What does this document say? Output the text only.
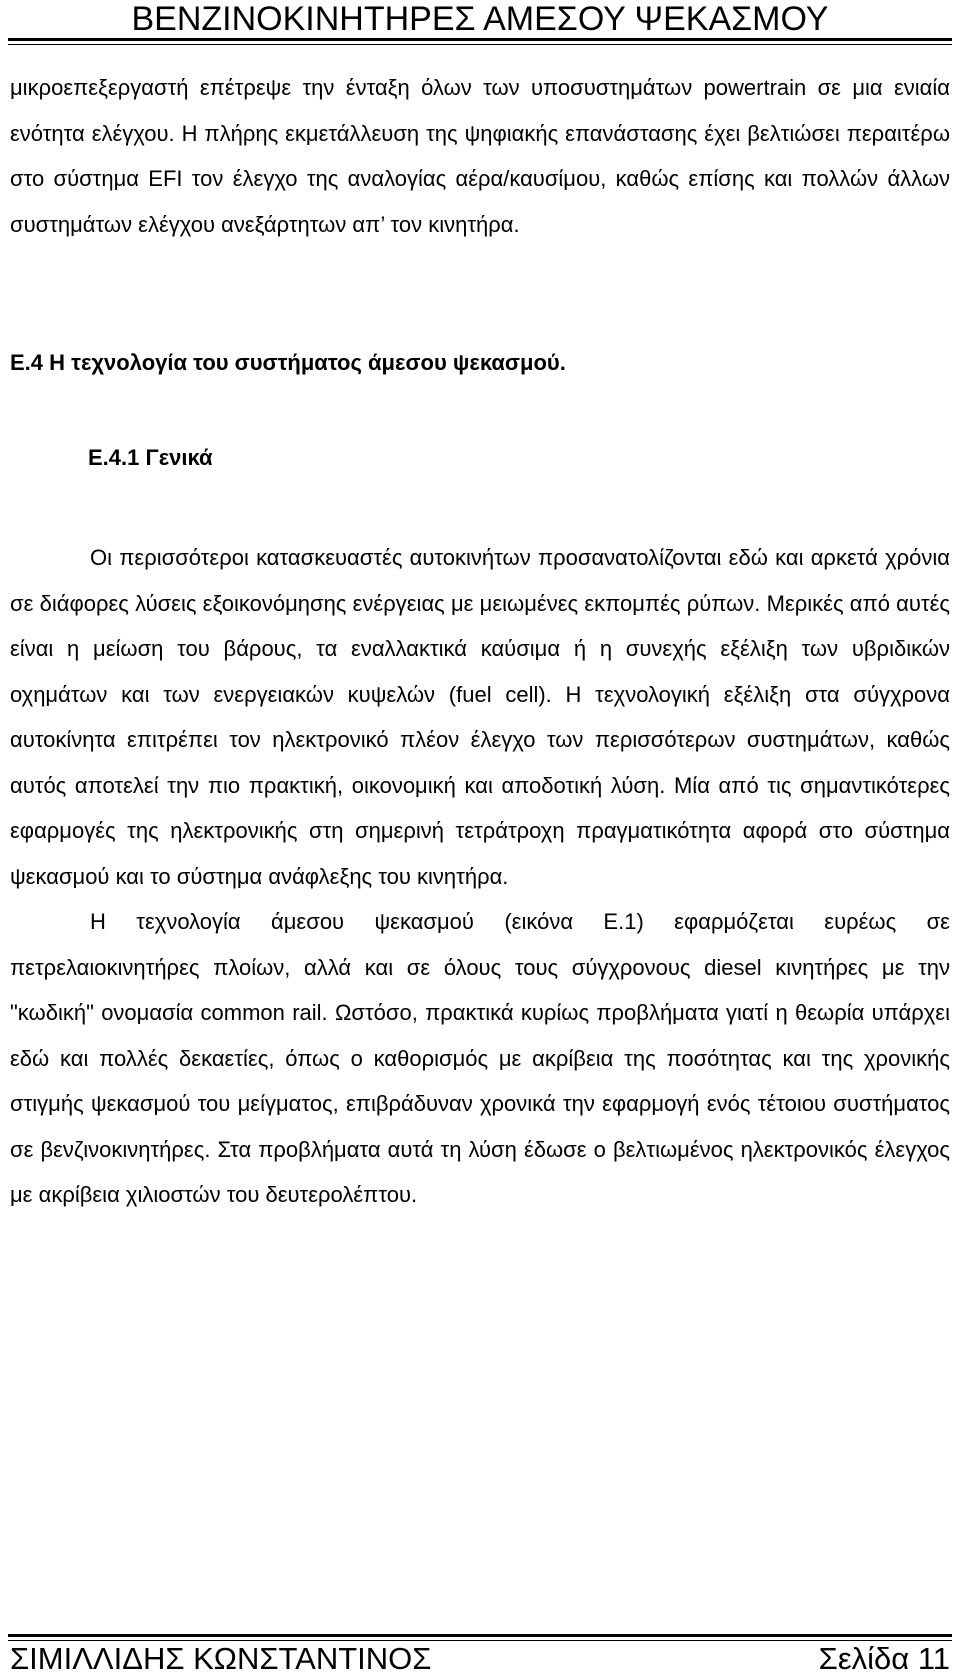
ΒΕΝΖΙΝΟΚΙΝΗΤΗΡΕΣ ΑΜΕΣΟΥ ΨΕΚΑΣΜΟΥ

μικροεπεξεργαστή επέτρεψε την ένταξη όλων των υποσυστημάτων powertrain σε μια ενιαία ενότητα ελέγχου. Η πλήρης εκμετάλλευση της ψηφιακής επανάστασης έχει βελτιώσει περαιτέρω στο σύστημα EFI τον έλεγχο της αναλογίας αέρα/καυσίμου, καθώς επίσης και πολλών άλλων συστημάτων ελέγχου ανεξάρτητων απ’ τον κινητήρα.

Ε.4 Η τεχνολογία του συστήματος άμεσου ψεκασμού.
Ε.4.1 Γενικά

Οι περισσότεροι κατασκευαστές αυτοκινήτων προσανατολίζονται εδώ και αρκετά χρόνια σε διάφορες λύσεις εξοικονόμησης ενέργειας με μειωμένες εκπομπές ρύπων. Μερικές από αυτές είναι η μείωση του βάρους, τα εναλλακτικά καύσιμα ή η συνεχής εξέλιξη των υβριδικών οχημάτων και των ενεργειακών κυψελών (fuel cell). Η τεχνολογική εξέλιξη στα σύγχρονα αυτοκίνητα επιτρέπει τον ηλεκτρονικό πλέον έλεγχο των περισσότερων συστημάτων, καθώς αυτός αποτελεί την πιο πρακτική, οικονομική και αποδοτική λύση. Μία από τις σημαντικότερες εφαρμογές της ηλεκτρονικής στη σημερινή τετράτροχη πραγματικότητα αφορά στο σύστημα ψεκασμού και το σύστημα ανάφλεξης του κινητήρα.

Η τεχνολογία άμεσου ψεκασμού (εικόνα Ε.1) εφαρμόζεται ευρέως σε πετρελαιοκινητήρες πλοίων, αλλά και σε όλους τους σύγχρονους diesel κινητήρες με την "κωδική" ονομασία common rail. Ωστόσο, πρακτικά κυρίως προβλήματα γιατί η θεωρία υπάρχει εδώ και πολλές δεκαετίες, όπως ο καθορισμός με ακρίβεια της ποσότητας και της χρονικής στιγμής ψεκασμού του μείγματος, επιβράδυναν χρονικά την εφαρμογή ενός τέτοιου συστήματος σε βενζινοκινητήρες. Στα προβλήματα αυτά τη λύση έδωσε ο βελτιωμένος ηλεκτρονικός έλεγχος με ακρίβεια χιλιοστών του δευτερολέπτου.

ΣΙΜΙΛΛΙΔΗΣ ΚΩΝΣΤΑΝΤΙΝΟΣ	Σελίδα 11
